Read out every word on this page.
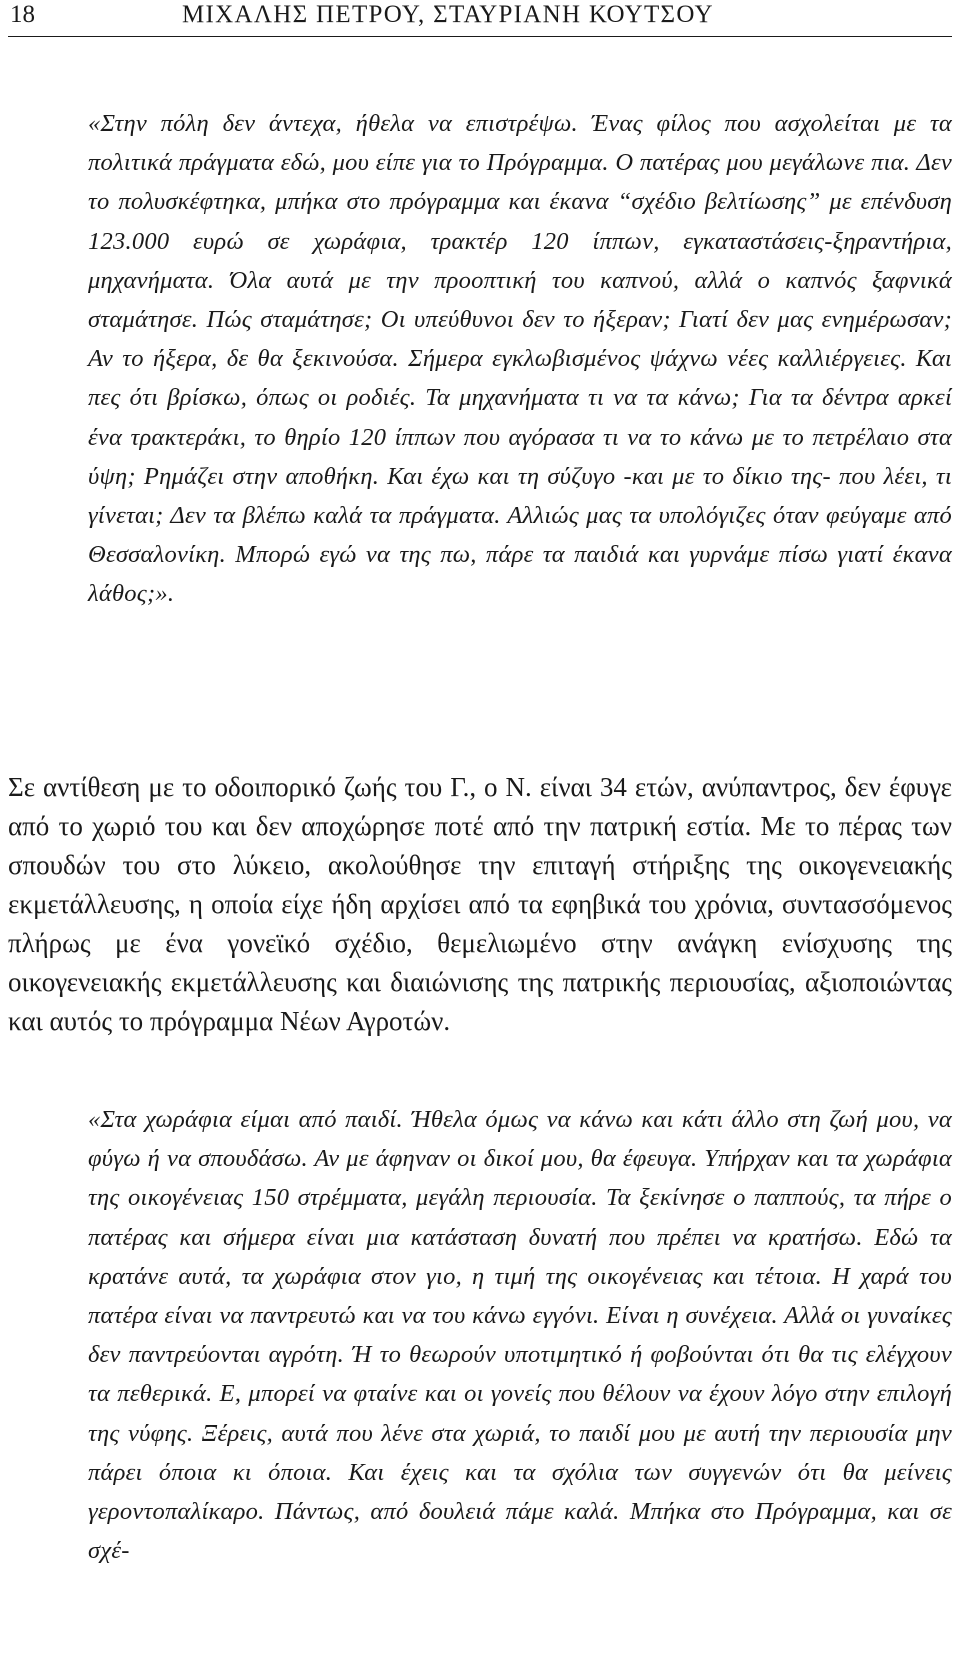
18	ΜΙΧΑΛΗΣ ΠΕΤΡΟΥ, ΣΤΑΥΡΙΑΝΗ ΚΟΥΤΣΟΥ

«Στην πόλη δεν άντεχα, ήθελα να επιστρέψω. Ένας φίλος που ασχολείται με τα πολιτικά πράγματα εδώ, μου είπε για το Πρόγραμμα. Ο πατέρας μου μεγάλωνε πια. Δεν το πολυσκέφτηκα, μπήκα στο πρόγραμμα και έκανα “σχέδιο βελτίωσης” με επένδυση 123.000 ευρώ σε χωράφια, τρακτέρ 120 ίππων, εγκαταστάσεις-ξηραντήρια, μηχανήματα. Όλα αυτά με την προοπτική του καπνού, αλλά ο καπνός ξαφνικά σταμάτησε. Πώς σταμάτησε; Οι υπεύθυνοι δεν το ήξεραν; Γιατί δεν μας ενημέρωσαν; Αν το ήξερα, δε θα ξεκινούσα. Σήμερα εγκλωβισμένος ψάχνω νέες καλλιέργειες. Και πες ότι βρίσκω, όπως οι ροδιές. Τα μηχανήματα τι να τα κάνω; Για τα δέντρα αρκεί ένα τρακτεράκι, το θηρίο 120 ίππων που αγόρασα τι να το κάνω με το πετρέλαιο στα ύψη; Ρημάζει στην αποθήκη. Και έχω και τη σύζυγο -και με το δίκιο της- που λέει, τι γίνεται; Δεν τα βλέπω καλά τα πράγματα. Αλλιώς μας τα υπολόγιζες όταν φεύγαμε από Θεσσαλονίκη. Μπορώ εγώ να της πω, πάρε τα παιδιά και γυρνάμε πίσω γιατί έκανα λάθος;».

Σε αντίθεση με το οδοιπορικό ζωής του Γ., ο Ν. είναι 34 ετών, ανύπαντρος, δεν έφυγε από το χωριό του και δεν αποχώρησε ποτέ από την πατρική εστία. Με το πέρας των σπουδών του στο λύκειο, ακολούθησε την επιταγή στήριξης της οικογενειακής εκμετάλλευσης, η οποία είχε ήδη αρχίσει από τα εφηβικά του χρόνια, συντασσόμενος πλήρως με ένα γονεϊκό σχέδιο, θεμελιωμένο στην ανάγκη ενίσχυσης της οικογενειακής εκμετάλλευσης και διαιώνισης της πατρικής περιουσίας, αξιοποιώντας και αυτός το πρόγραμμα Νέων Αγροτών.

«Στα χωράφια είμαι από παιδί. Ήθελα όμως να κάνω και κάτι άλλο στη ζωή μου, να φύγω ή να σπουδάσω. Αν με άφηναν οι δικοί μου, θα έφευγα. Υπήρχαν και τα χωράφια της οικογένειας 150 στρέμματα, μεγάλη περιουσία. Τα ξεκίνησε ο παππούς, τα πήρε ο πατέρας και σήμερα είναι μια κατάσταση δυνατή που πρέπει να κρατήσω. Εδώ τα κρατάνε αυτά, τα χωράφια στον γιο, η τιμή της οικογένειας και τέτοια. Η χαρά του πατέρα είναι να παντρευτώ και να του κάνω εγγόνι. Είναι η συνέχεια. Αλλά οι γυναίκες δεν παντρεύονται αγρότη. Ή το θεωρούν υποτιμητικό ή φοβούνται ότι θα τις ελέγχουν τα πεθερικά. Ε, μπορεί να φταίνε και οι γονείς που θέλουν να έχουν λόγο στην επιλογή της νύφης. Ξέρεις, αυτά που λένε στα χωριά, το παιδί μου με αυτή την περιουσία μην πάρει όποια κι όποια. Και έχεις και τα σχόλια των συγγενών ότι θα μείνεις γεροντοπαλίκαρο. Πάντως, από δουλειά πάμε καλά. Μπήκα στο Πρόγραμμα, και σε σχέ-
